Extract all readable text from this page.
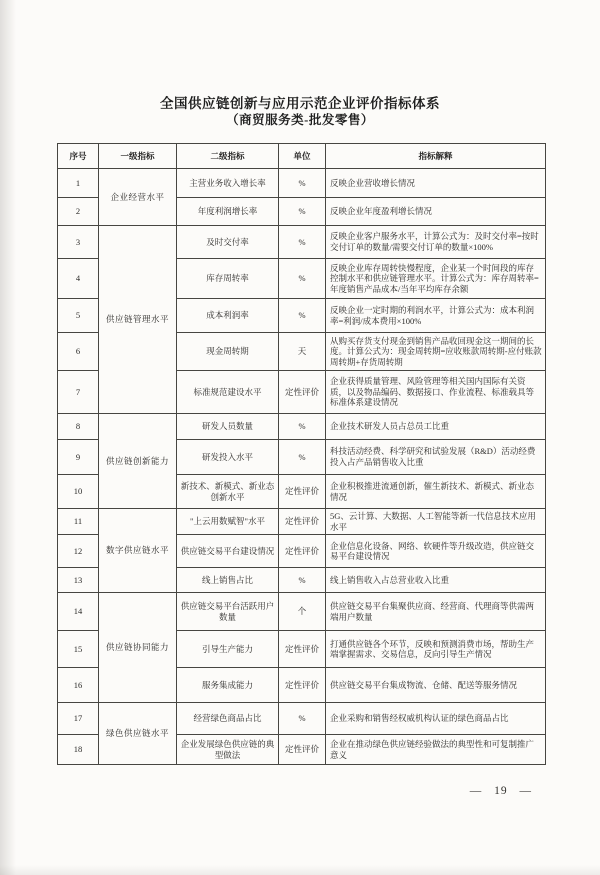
全国供应链创新与应用示范企业评价指标体系
（商贸服务类-批发零售）
序号	一级指标	二级指标	单位	指标解释
1	企业经营水平	主营业务收入增长率	%	反映企业营收增长情况
2		年度利润增长率	%	反映企业年度盈利增长情况
3	供应链管理水平	及时交付率	%	反映企业客户服务水平，计算公式为：及时交付率=按时交付订单的数量/需要交付订单的数量×100%
4		库存周转率	%	反映企业库存周转快慢程度，企业某一个时间段的库存控制水平和供应链管理水平。计算公式为：库存周转率=年度销售产品成本/当年平均库存余额
5		成本利润率	%	反映企业一定时期的利润水平，计算公式为：成本利润率=利润/成本费用×100%
6		现金周转期	天	从购买存货支付现金到销售产品收回现金这一期间的长度。计算公式为：现金周转期=应收账款周转期-应付账款周转期+存货周转期
7		标准规范建设水平	定性评价	企业获得质量管理、风险管理等相关国内国际有关资质，以及物品编码、数据接口、作业流程、标准载具等标准体系建设情况
8	供应链创新能力	研发人员数量	%	企业技术研发人员占总员工比重
9		研发投入水平	%	科技活动经费、科学研究和试验发展（R&D）活动经费投入占产品销售收入比重
10		新技术、新模式、新业态创新水平	定性评价	企业积极推进流通创新，催生新技术、新模式、新业态情况
11	数字供应链水平	"上云用数赋智"水平	定性评价	5G、云计算、大数据、人工智能等新一代信息技术应用水平
12		供应链交易平台建设情况	定性评价	企业信息化设备、网络、软硬件等升级改造，供应链交易平台建设情况
13		线上销售占比	%	线上销售收入占总营业收入比重
14	供应链协同能力	供应链交易平台活跃用户数量	个	供应链交易平台集聚供应商、经营商、代理商等供需两端用户数量
15		引导生产能力	定性评价	打通供应链各个环节，反映和预测消费市场，帮助生产端掌握需求、交易信息，反向引导生产情况
16		服务集成能力	定性评价	供应链交易平台集成物流、仓储、配送等服务情况
17	绿色供应链水平	经营绿色商品占比	%	企业采购和销售经权威机构认证的绿色商品占比
18		企业发展绿色供应链的典型做法	定性评价	企业在推动绿色供应链经验做法的典型性和可复制推广意义
— 19 —
